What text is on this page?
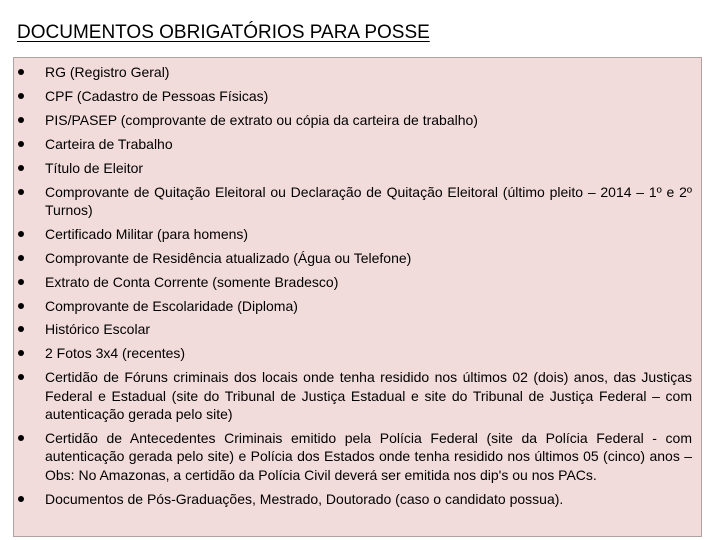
DOCUMENTOS OBRIGATÓRIOS PARA POSSE
RG (Registro Geral)
CPF (Cadastro de Pessoas Físicas)
PIS/PASEP (comprovante de extrato ou cópia da carteira de trabalho)
Carteira de Trabalho
Título de Eleitor
Comprovante de Quitação Eleitoral ou Declaração de Quitação Eleitoral (último pleito – 2014 – 1º e 2º Turnos)
Certificado Militar (para homens)
Comprovante de Residência atualizado (Água ou Telefone)
Extrato de Conta Corrente (somente Bradesco)
Comprovante de Escolaridade (Diploma)
Histórico Escolar
2 Fotos 3x4 (recentes)
Certidão de Fóruns criminais dos locais onde tenha residido nos últimos 02 (dois) anos, das Justiças Federal e Estadual (site do Tribunal de Justiça Estadual e site do Tribunal de Justiça Federal – com autenticação gerada pelo site)
Certidão de Antecedentes Criminais emitido pela Polícia Federal (site da Polícia Federal - com autenticação gerada pelo site) e Polícia dos Estados onde tenha residido nos últimos 05 (cinco) anos – Obs: No Amazonas, a certidão da Polícia Civil deverá ser emitida nos dip's ou nos PACs.
Documentos de Pós-Graduações, Mestrado, Doutorado (caso o candidato possua).
